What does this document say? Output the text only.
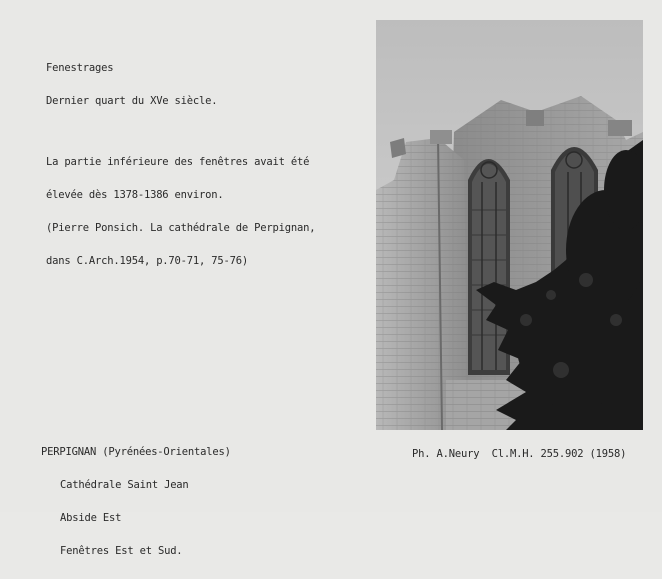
Fenestrages

Dernier quart du XVe siècle.

La partie inférieure des fenêtres avait été

élevée dès 1378-1386 environ.

(Pierre Ponsich. La cathédrale de Perpignan,

dans C.Arch.1954, p.70-71, 75-76)

PERPIGNAN (Pyrénées-Orientales)

Cathédrale Saint Jean

Abside Est

Fenêtres Est et Sud.

Ph. A.Neury  Cl.M.H. 255.902 (1958)
